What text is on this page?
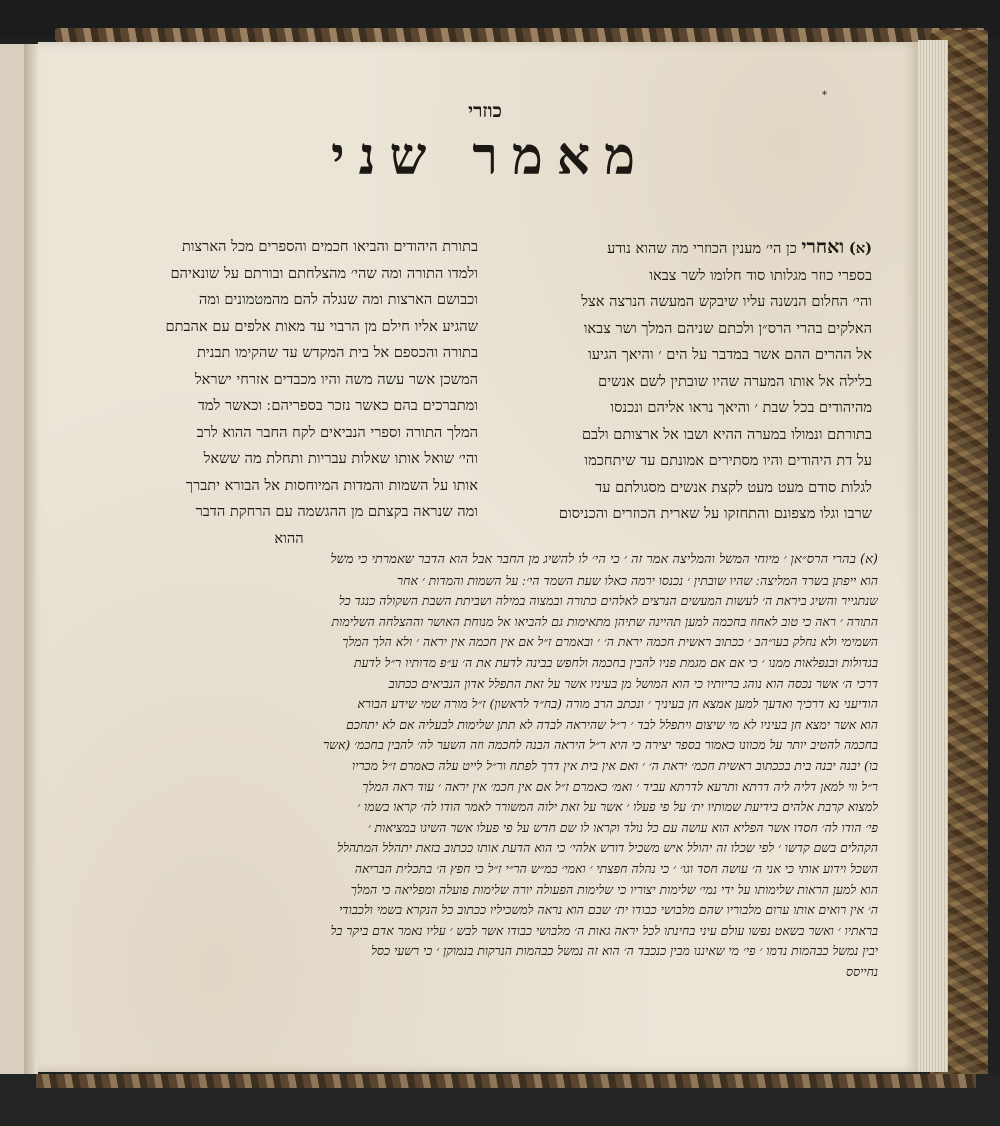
*
כוזרי
מאמר שני

(א) ואחרי כן הי׳ מענין הכוזרי מה שהוא נודע

בספרי כוזר מגלותו סוד חלומו לשר צבאו

והי׳ החלום הנשנה עליו שיבקש המעשה הנרצה אצל

האלקים בהרי הרס״ן ולכתם שניהם המלך ושר צבאו

אל ההרים ההם אשר במדבר על הים ׳ והיאך הגיעו

בלילה אל אותו המערה שהיו שובתין לשם אנשים

מהיהודים בכל שבת ׳ והיאך נראו אליהם ונכנסו

בתורתם ונמולו במערה ההיא ושבו אל ארצותם ולבם

על דת היהודים והיו מסתירים אמונתם עד שיתחכמו

לגלות סודם מעט מעט לקצת אנשים מסגולתם עד

שרבו וגלו מצפונם והתחזקו על שארית הכוזרים והכניסום

בתורת היהודים והביאו חכמים והספרים מכל הארצות

ולמדו התורה ומה שהי׳ מהצלחתם ובורתם על שונאיהם

וכבושם הארצות ומה שנגלה להם מהמטמונים ומה

שהגיע אליו חילם מן הרבוי עד מאות אלפים עם אהבתם

בתורה והכספם אל בית המקדש עד שהקימו תבנית

המשכן אשר עשה משה והיו מכבדים אזרחי ישראל

ומתברכים בהם כאשר נזכר בספריהם ׃ וכאשר למד

המלך התורה וספרי הנביאים לקח החבר ההוא לרב

והי׳ שואל אותו שאלות עבריות ותחלת מה ששאל

אותו על השמות והמדות המיוחסות אל הבורא יתברך

ומה שנראה בקצתם מן ההגשמה עם הרחקת הדבר

ההוא

(א) בהרי הרס״אן ׳ מיוחי המשל והמליצה אמר זה ׳ כי הי׳ לו להשיג מן החבר אבל הוא הדבר שאמרתי כי משל

הוא ייפתן בשרד המליצה ׃ שהיו שובתין ׳ נכנסו ירמה כאלו שעת השמד הי׳ ׃ על השמות והמדות ׳ אחר

שנתגייר והשיג ביראת ה׳ לעשות המעשים הנרצים לאלהים כתורה ובמצוה במילה ושביתת השבת השקולה כנגד כל

התורה ׳ ראה כי טוב לאחוז בחכמה למען תהיינה שתיהן מתאימות גם להביאו אל מנוחת האושר וההצלחה השלימות

השמימי ולא נחלק בעו״הב ׳ ככתוב ראשית חכמה יראת ה׳ ׳ ובאמרם ז״ל אם אין חכמה אין יראה ׳ ולא הלך המלך

בגדולות ובנפלאות ממנו ׳ כי אם אם מגמת פניו להבין בחכמה ולחפש בבינה לדעת את ה׳ ע״פ מדותיו ר״ל לדעת

דרכי ה׳ אשר נכסה הוא נוהג בריותיו כי הוא המושל מן בעיניו אשר על זאת התפלל אדון הנביאים ככתוב

הודיעני נא דרכיך ואדעך למען אמצא חן בעיניך ׳ ונכתב הרב מורה (בח״ד לראשון) ז״ל מורה שמי שידע הבורא

הוא אשר ימצא חן בעיניו לא מי שיצום ויתפלל לבד ׳ ר״ל שהיראה לבדה לא תתן שלימות לבעליה אם לא יתחכם

בחכמה להטיב יותר על מכוונו כאמור בספר יצירה כי היא ר״ל היראה הבנה לחכמה וזה השער לה׳ להבין בחכמ׳ (אשר

בו) יבנה יבנה בית בככתוב ראשית חכמ׳ יראת ה׳ ׳ ואם אין בית אין דרך לפתח ור״ל לייט עלה כאמרם ז״ל מכריו

ר״ל ווי למאן דליה ליה דרתא ותרעא לדרתא עביד ׳ ואמ׳ כאמרם ז״ל אם אין חכמ׳ אין יראה ׳ עוד ראה המלך

למצוא קרבת אלהים בידיעת שמותיו ית׳ על פי פעלו ׳ אשר על זאת ילוה המשורר לאמר הודו לה׳ קראו בשמו ׳

פי׳ הודו לה׳ חסדו אשר הפליא הוא עושה עם כל נולד וקראו לו שם חדש על פי פעלו אשר השיגו במציאות ׳

הקהלים בשם קדשו ׳ לפי שכלו זה יהולל איש משכיל דורש אלהי׳ כי הוא הדעת אותו ככתוב בזאת יתהלל המתהלל

השכל וידוע אותי כי אני ה׳ עושה חסד וגו׳ ׳ כי נהלה חפצתי ׳ ואמי׳ כמ״ש הר״י ז״ל כי חפץ ה׳ בתכלית הבריאה

הוא למען הראות שלימותו על ידי נמי׳ שלימות יצוריו כי שלימות הפעולה יורה שלימות פועלה ומפליאה כי המלך

ה׳ אין רואים אותו ערום מלבוריו שהם מלבושי כבודו ית׳ שבם הוא נראה למשכיליו ככתוב כל הנקרא בשמי ולכבודי

בראתיו ׳ ואשר בשאט נפשו עולם עיני בחינתו לכל יראה גאות ה׳ מלבושי כבודו אשר לבש ׳ עליו נאמר אדם ביקר בל

יבין נמשל כבהמות נדמו ׳ פי׳ מי שאיננו מבין כנכבד ה׳ הוא זה נמשל כבהמות הנרקות בנמוקן ׳ כי רשעי כסל

נחייסס
